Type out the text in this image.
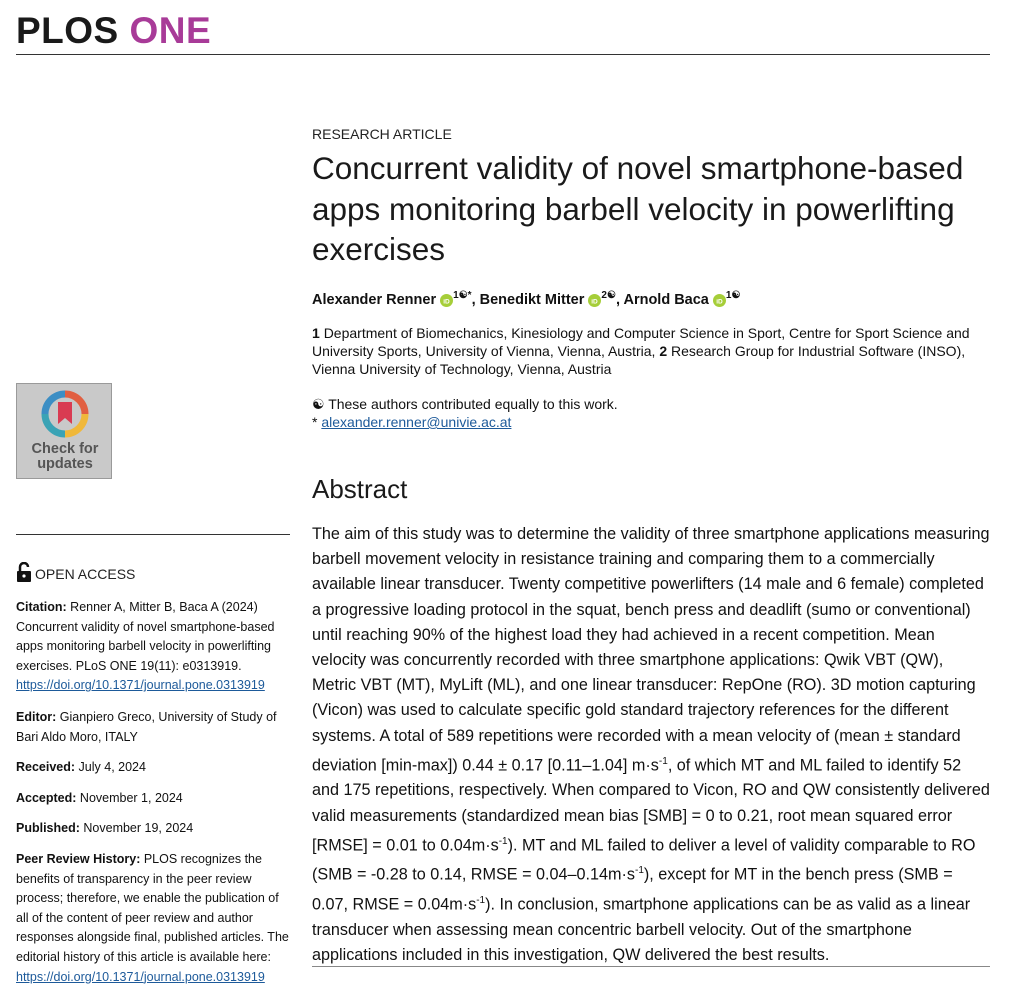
PLOS ONE
Check for
updates
OPEN ACCESS
Citation: Renner A, Mitter B, Baca A (2024) Concurrent validity of novel smartphone-based apps monitoring barbell velocity in powerlifting exercises. PLoS ONE 19(11): e0313919. https://doi.org/10.1371/journal.pone.0313919
Editor: Gianpiero Greco, University of Study of Bari Aldo Moro, ITALY
Received: July 4, 2024
Accepted: November 1, 2024
Published: November 19, 2024
Peer Review History: PLOS recognizes the benefits of transparency in the peer review process; therefore, we enable the publication of all of the content of peer review and author responses alongside final, published articles. The editorial history of this article is available here: https://doi.org/10.1371/journal.pone.0313919
RESEARCH ARTICLE
Concurrent validity of novel smartphone-based apps monitoring barbell velocity in powerlifting exercises
Alexander Renner iD
$^{1☯*}$, Benedikt Mitter iD
$^{2☯}$, Arnold Baca iD
$^{1☯}$
1 Department of Biomechanics, Kinesiology and Computer Science in Sport, Centre for Sport Science and University Sports, University of Vienna, Vienna, Austria, 2 Research Group for Industrial Software (INSO), Vienna University of Technology, Vienna, Austria
☯ These authors contributed equally to this work.
* alexander.renner@univie.ac.at
Abstract
The aim of this study was to determine the validity of three smartphone applications measuring barbell movement velocity in resistance training and comparing them to a commercially available linear transducer. Twenty competitive powerlifters (14 male and 6 female) completed a progressive loading protocol in the squat, bench press and deadlift (sumo or conventional) until reaching 90% of the highest load they had achieved in a recent competition. Mean velocity was concurrently recorded with three smartphone applications: Qwik VBT (QW), Metric VBT (MT), MyLift (ML), and one linear transducer: RepOne (RO). 3D motion capturing (Vicon) was used to calculate specific gold standard trajectory references for the different systems. A total of 589 repetitions were recorded with a mean velocity of (mean ± standard deviation [min-max]) 0.44 ± 0.17 [0.11–1.04] $m\cdot s^{-1}$, of which MT and ML failed to identify 52 and 175 repetitions, respectively. When compared to Vicon, RO and QW consistently delivered valid measurements (standardized mean bias [SMB] = 0 to 0.21, root mean squared error [RMSE] = 0.01 to $0.04m\cdot s^{-1}$). MT and ML failed to deliver a level of validity comparable to RO (SMB = -0.28 to 0.14, RMSE = $0.04-0.14m\cdot s^{-1}$), except for MT in the bench press (SMB = 0.07, RMSE = $0.04m\cdot s^{-1}$). In conclusion, smartphone applications can be as valid as a linear transducer when assessing mean concentric barbell velocity. Out of the smartphone applications included in this investigation, QW delivered the best results.
